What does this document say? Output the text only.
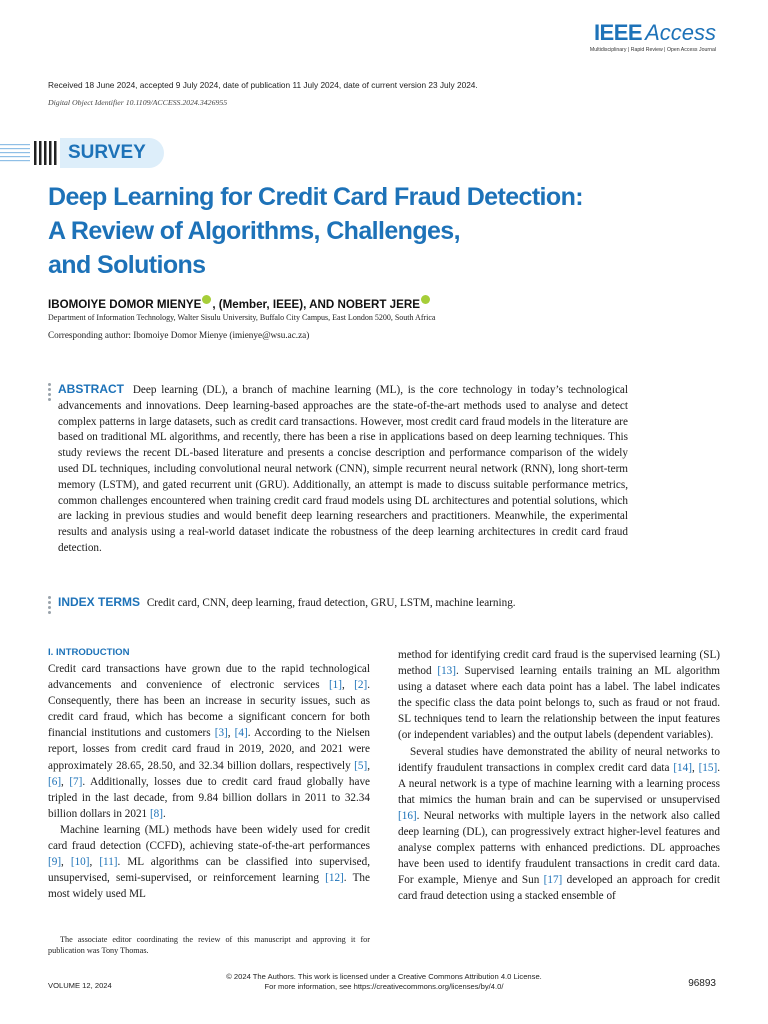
IEEE Access
Multidisciplinary | Rapid Review | Open Access Journal
Received 18 June 2024, accepted 9 July 2024, date of publication 11 July 2024, date of current version 23 July 2024.
Digital Object Identifier 10.1109/ACCESS.2024.3426955
SURVEY
Deep Learning for Credit Card Fraud Detection:
A Review of Algorithms, Challenges,
and Solutions
IBOMOIYE DOMOR MIENYE , (Member, IEEE), AND NOBERT JERE
Department of Information Technology, Walter Sisulu University, Buffalo City Campus, East London 5200, South Africa
Corresponding author: Ibomoiye Domor Mienye (imienye@wsu.ac.za)

ABSTRACT Deep learning (DL), a branch of machine learning (ML), is the core technology in today’s technological advancements and innovations. Deep learning-based approaches are the state-of-the-art methods used to analyse and detect complex patterns in large datasets, such as credit card transactions. However, most credit card fraud models in the literature are based on traditional ML algorithms, and recently, there has been a rise in applications based on deep learning techniques. This study reviews the recent DL-based literature and presents a concise description and performance comparison of the widely used DL techniques, including convolutional neural network (CNN), simple recurrent neural network (RNN), long short-term memory (LSTM), and gated recurrent unit (GRU). Additionally, an attempt is made to discuss suitable performance metrics, common challenges encountered when training credit card fraud models using DL architectures and potential solutions, which are lacking in previous studies and would benefit deep learning researchers and practitioners. Meanwhile, the experimental results and analysis using a real-world dataset indicate the robustness of the deep learning architectures in credit card fraud detection.

INDEX TERMS Credit card, CNN, deep learning, fraud detection, GRU, LSTM, machine learning.
I. INTRODUCTION

Credit card transactions have grown due to the rapid technological advancements and convenience of electronic services [1], [2]. Consequently, there has been an increase in security issues, such as credit card fraud, which has become a significant concern for both financial institutions and customers [3], [4]. According to the Nielsen report, losses from credit card fraud in 2019, 2020, and 2021 were approximately 28.65, 28.50, and 32.34 billion dollars, respectively [5], [6], [7]. Additionally, losses due to credit card fraud globally have tripled in the last decade, from 9.84 billion dollars in 2011 to 32.34 billion dollars in 2021 [8].

Machine learning (ML) methods have been widely used for credit card fraud detection (CCFD), achieving state-of-the-art performances [9], [10], [11]. ML algorithms can be classified into supervised, unsupervised, semi-supervised, or reinforcement learning [12]. The most widely used ML

The associate editor coordinating the review of this manuscript and approving it for publication was Tony Thomas.

method for identifying credit card fraud is the supervised learning (SL) method [13]. Supervised learning entails training an ML algorithm using a dataset where each data point has a label. The label indicates the specific class the data point belongs to, such as fraud or not fraud. SL techniques tend to learn the relationship between the input features (or independent variables) and the output labels (dependent variables).

Several studies have demonstrated the ability of neural networks to identify fraudulent transactions in complex credit card data [14], [15]. A neural network is a type of machine learning with a learning process that mimics the human brain and can be supervised or unsupervised [16]. Neural networks with multiple layers in the network also called deep learning (DL), can progressively extract higher-level features and analyse complex patterns with enhanced predictions. DL approaches have been used to identify fraudulent transactions in credit card data. For example, Mienye and Sun [17] developed an approach for credit card fraud detection using a stacked ensemble of

© 2024 The Authors. This work is licensed under a Creative Commons Attribution 4.0 License.
For more information, see https://creativecommons.org/licenses/by/4.0/
VOLUME 12, 2024	96893
